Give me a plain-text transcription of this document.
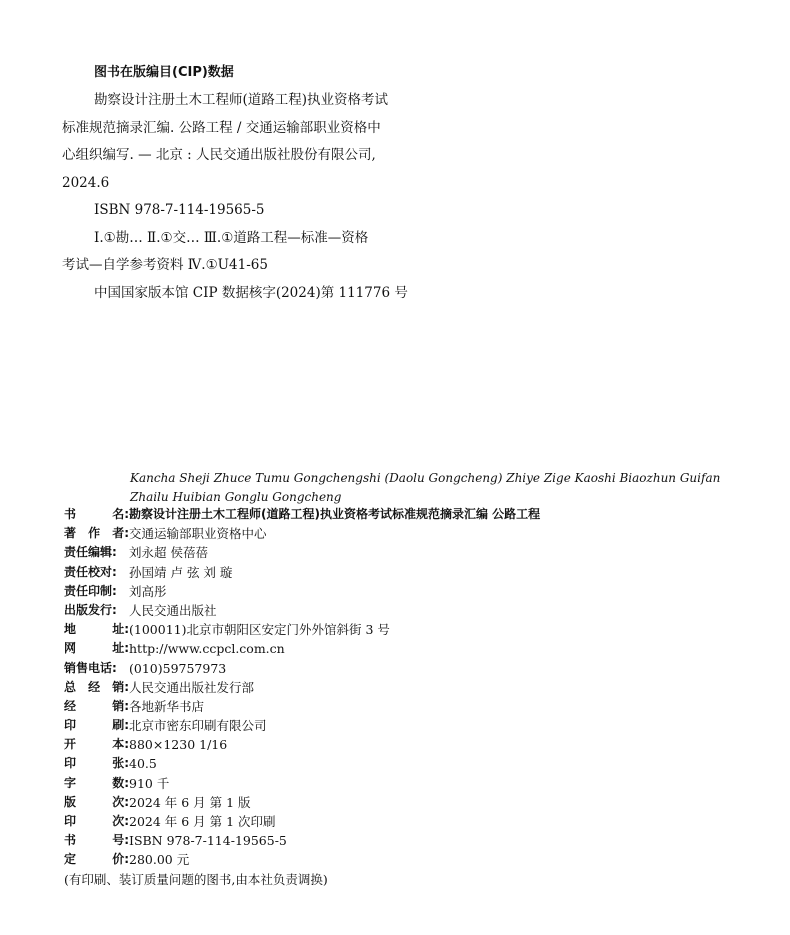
图书在版编目(CIP)数据
勘察设计注册土木工程师(道路工程)执业资格考试
标准规范摘录汇编. 公路工程 / 交通运输部职业资格中
心组织编写. — 北京 : 人民交通出版社股份有限公司,
2024.6
ISBN 978-7-114-19565-5
Ⅰ.①勘… Ⅱ.①交… Ⅲ.①道路工程—标准—资格
考试—自学参考资料 Ⅳ.①U41-65
中国国家版本馆 CIP 数据核字(2024)第 111776 号
Kancha Sheji Zhuce Tumu Gongchengshi (Daolu Gongcheng) Zhiye Zige Kaoshi Biaozhun Guifan Zhailu Huibian Gonglu Gongcheng
书	名: 勘察设计注册土木工程师(道路工程)执业资格考试标准规范摘录汇编 公路工程
著 作 者: 交通运输部职业资格中心
责任编辑: 刘永超 侯蓓蓓
责任校对: 孙国靖 卢 弦 刘 璇
责任印制: 刘高彤
出版发行: 人民交通出版社
地	址: (100011)北京市朝阳区安定门外外馆斜街 3 号
网	址: http://www.ccpcl.com.cn
销售电话: (010)59757973
总 经 销: 人民交通出版社发行部
经	销: 各地新华书店
印	刷: 北京市密东印刷有限公司
开	本: 880×1230 1/16
印	张: 40.5
字	数: 910 千
版	次: 2024 年 6 月 第 1 版
印	次: 2024 年 6 月 第 1 次印刷
书	号: ISBN 978-7-114-19565-5
定	价: 280.00 元
(有印刷、装订质量问题的图书,由本社负责调换)
